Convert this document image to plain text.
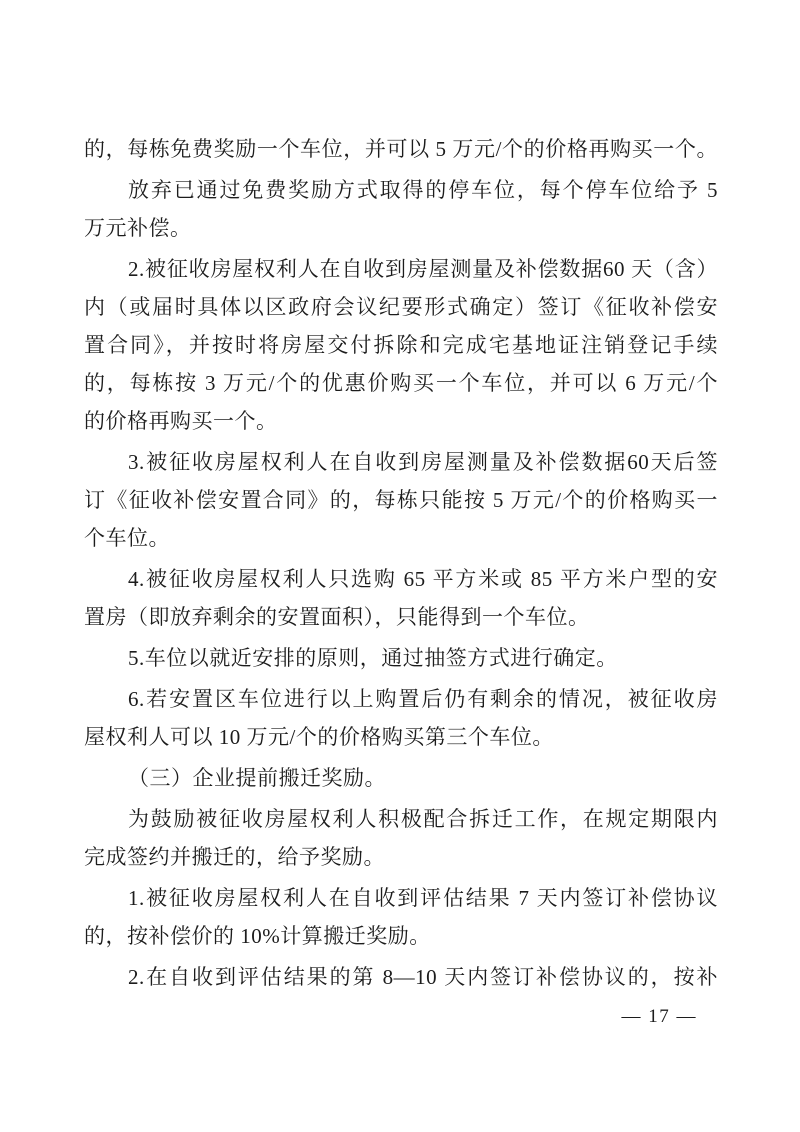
的，每栋免费奖励一个车位，并可以 5 万元/个的价格再购买一个。
放弃已通过免费奖励方式取得的停车位，每个停车位给予 5
万元补偿。
2.被征收房屋权利人在自收到房屋测量及补偿数据60 天（含）
内（或届时具体以区政府会议纪要形式确定）签订《征收补偿安
置合同》，并按时将房屋交付拆除和完成宅基地证注销登记手续
的，每栋按 3 万元/个的优惠价购买一个车位，并可以 6 万元/个
的价格再购买一个。
3.被征收房屋权利人在自收到房屋测量及补偿数据60天后签
订《征收补偿安置合同》的，每栋只能按 5 万元/个的价格购买一
个车位。
4.被征收房屋权利人只选购 65 平方米或 85 平方米户型的安
置房（即放弃剩余的安置面积），只能得到一个车位。
5.车位以就近安排的原则，通过抽签方式进行确定。
6.若安置区车位进行以上购置后仍有剩余的情况，被征收房
屋权利人可以 10 万元/个的价格购买第三个车位。
（三）企业提前搬迁奖励。
为鼓励被征收房屋权利人积极配合拆迁工作，在规定期限内
完成签约并搬迁的，给予奖励。
1.被征收房屋权利人在自收到评估结果 7 天内签订补偿协议
的，按补偿价的 10%计算搬迁奖励。
2.在自收到评估结果的第 8—10 天内签订补偿协议的，按补
— 17 —
